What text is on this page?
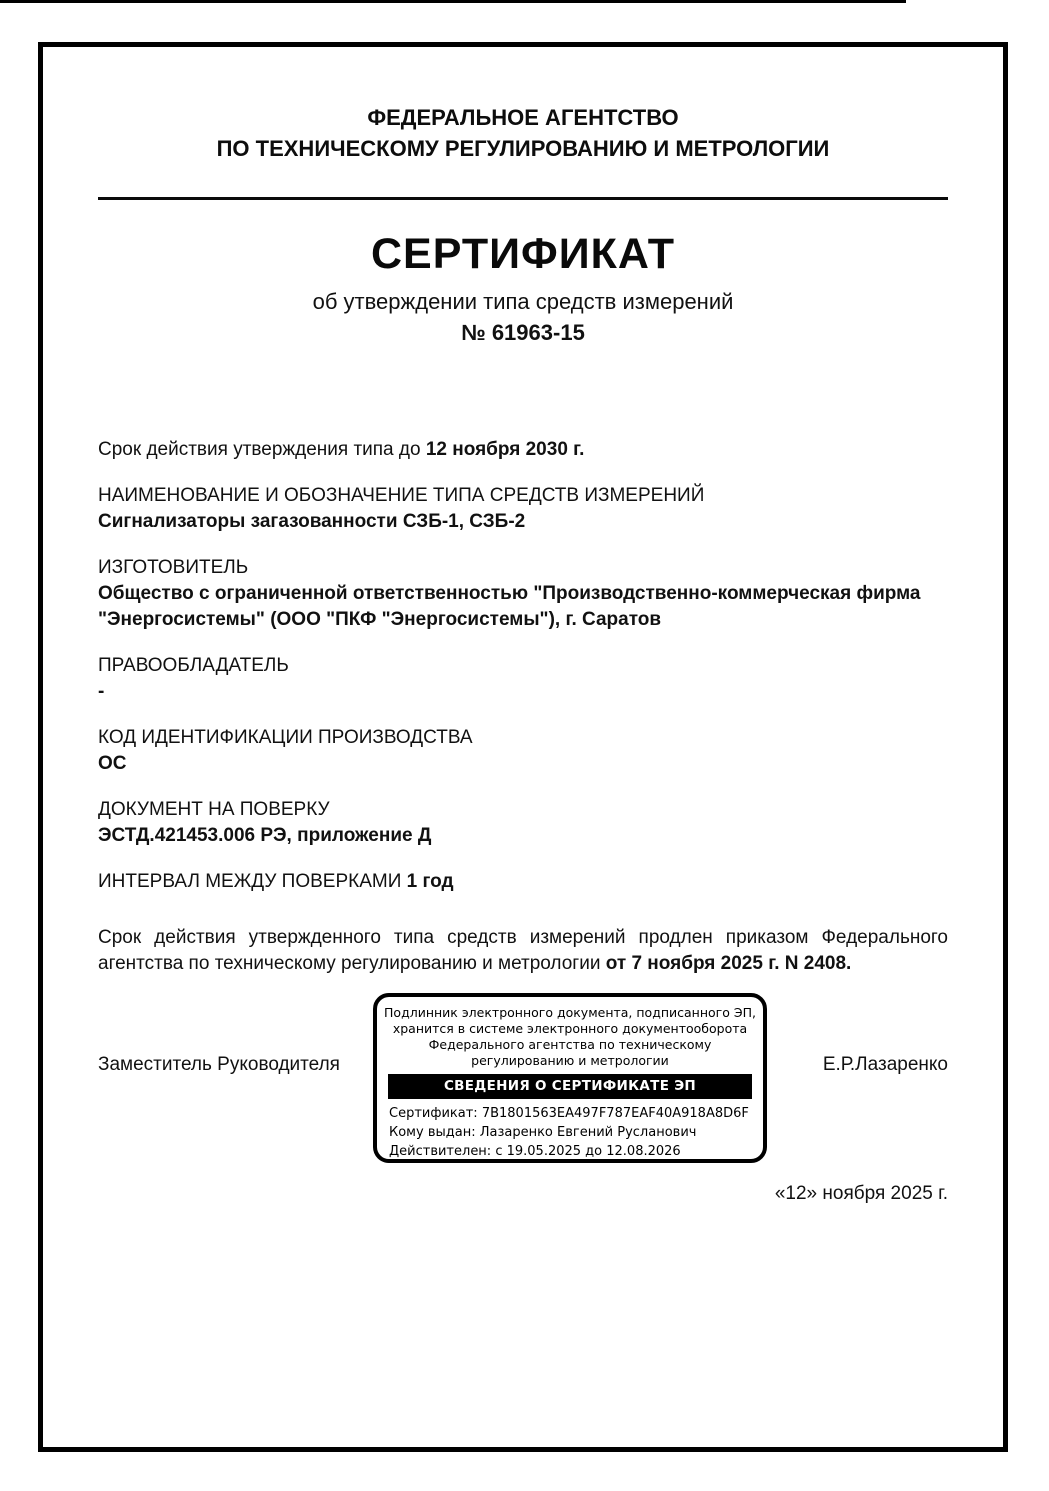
ФЕДЕРАЛЬНОЕ АГЕНТСТВО
ПО ТЕХНИЧЕСКОМУ РЕГУЛИРОВАНИЮ И МЕТРОЛОГИИ
СЕРТИФИКАТ
об утверждении типа средств измерений
№ 61963-15
Срок действия утверждения типа до 12 ноября 2030 г.
НАИМЕНОВАНИЕ И ОБОЗНАЧЕНИЕ ТИПА СРЕДСТВ ИЗМЕРЕНИЙ
Сигнализаторы загазованности СЗБ-1, СЗБ-2
ИЗГОТОВИТЕЛЬ
Общество с ограниченной ответственностью "Производственно-коммерческая фирма "Энергосистемы" (ООО "ПКФ "Энергосистемы"), г. Саратов
ПРАВООБЛАДАТЕЛЬ
-
КОД ИДЕНТИФИКАЦИИ ПРОИЗВОДСТВА
ОС
ДОКУМЕНТ НА ПОВЕРКУ
ЭСТД.421453.006 РЭ, приложение Д
ИНТЕРВАЛ МЕЖДУ ПОВЕРКАМИ 1 год
Срок действия утвержденного типа средств измерений продлен приказом Федерального агентства по техническому регулированию и метрологии от 7 ноября 2025 г. N 2408.
Заместитель Руководителя
Подлинник электронного документа, подписанного ЭП,
хранится в системе электронного документооборота
Федерального агентства по техническому
регулированию и метрологии
СВЕДЕНИЯ О СЕРТИФИКАТЕ ЭП
Сертификат: 7B1801563EA497F787EAF40A918A8D6F
Кому выдан: Лазаренко Евгений Русланович
Действителен: с 19.05.2025 до 12.08.2026
Е.Р.Лазаренко
«12» ноября 2025 г.
